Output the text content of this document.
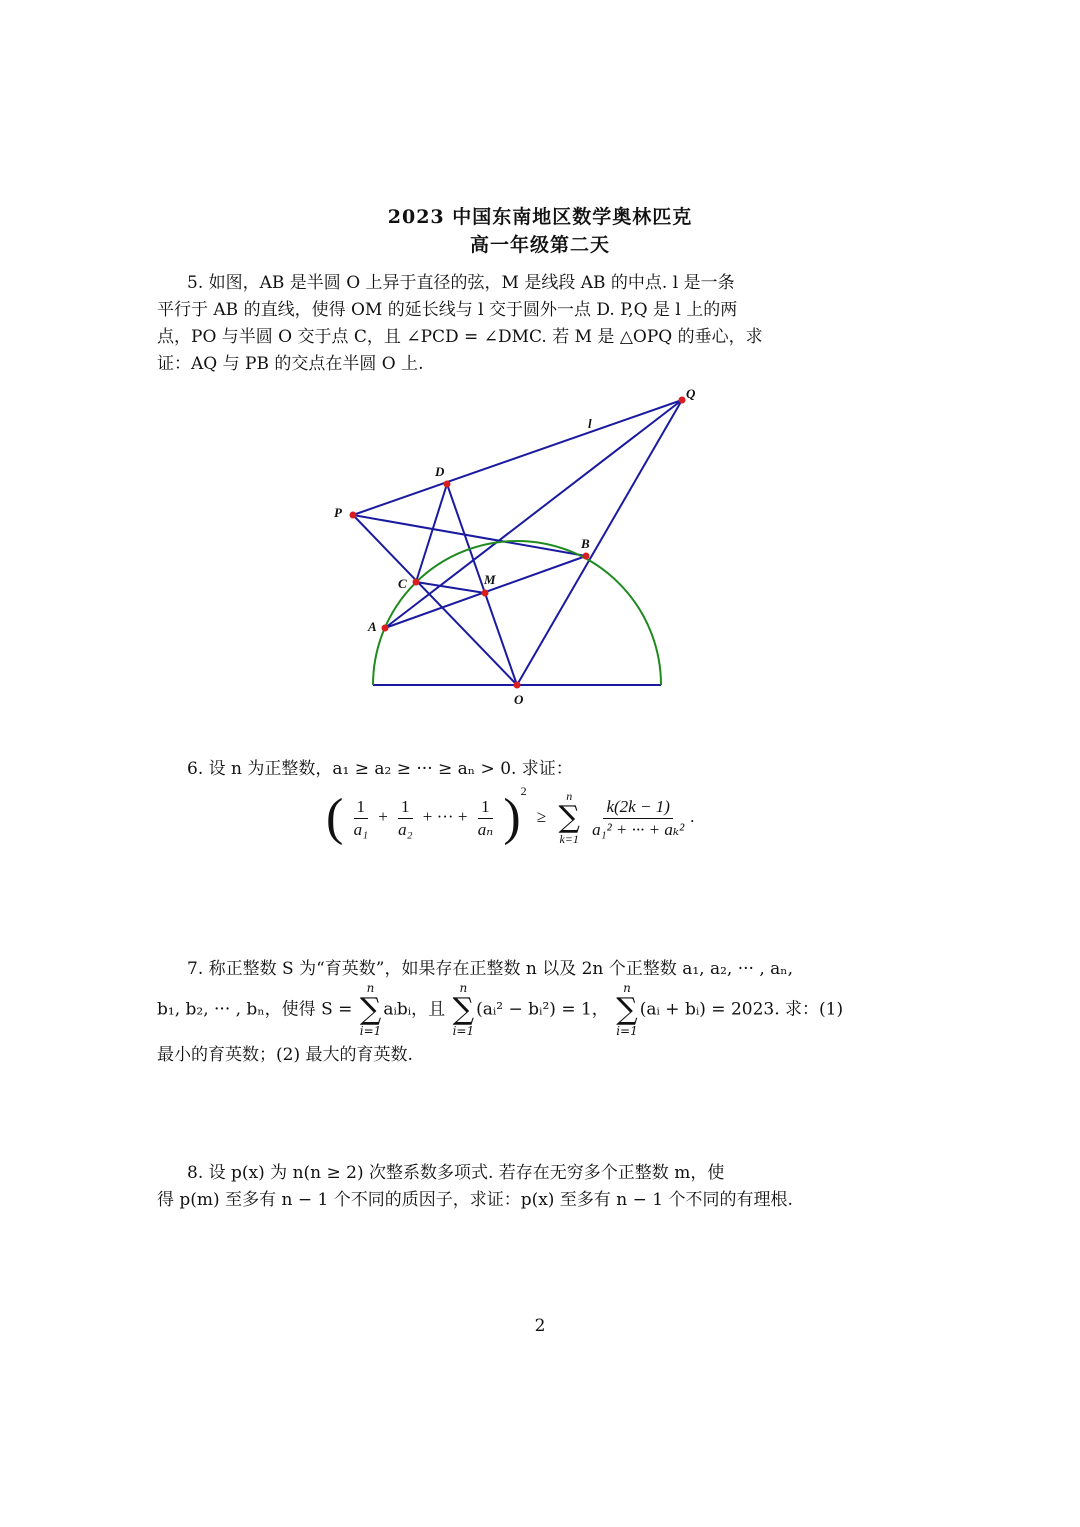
2023 中国东南地区数学奥林匹克
高一年级第二天
5. 如图，AB 是半圆 O 上异于直径的弦，M 是线段 AB 的中点. l 是一条
平行于 AB 的直线，使得 OM 的延长线与 l 交于圆外一点 D. P,Q 是 l 上的两
点，PO 与半圆 O 交于点 C，且 ∠PCD = ∠DMC. 若 M 是 △OPQ 的垂心，求
证：AQ 与 PB 的交点在半圆 O 上.
Q
l
D
P
B
C	M
A
O
6. 设 n 为正整数，a₁ ≥ a₂ ≥ ··· ≥ aₙ > 0. 求证：
( $\frac{1}{\text{a₁}} + \frac{1}{\text{a₂}}$ + ··· + $\frac{1}{\text{aₙ}} )^2$ ≥
n
∑
k=1
$\frac{k(2k - 1)}{\text{a₁² + ··· + aₖ²}}$ .
7. 称正整数 S 为“育英数”，如果存在正整数 n 以及 2n 个正整数 a₁, a₂, ··· , aₙ,
b₁, b₂, ··· , bₙ，使得 S =
n
∑
i=1
aᵢbᵢ，且
n
∑
i=1
(aᵢ² − bᵢ²) = 1，
n
∑
i=1
(aᵢ + bᵢ) = 2023. 求：(1)
最小的育英数；(2) 最大的育英数.
8. 设 p(x) 为 n(n ≥ 2) 次整系数多项式. 若存在无穷多个正整数 m，使
得 p(m) 至多有 n − 1 个不同的质因子，求证：p(x) 至多有 n − 1 个不同的有理根.
2
